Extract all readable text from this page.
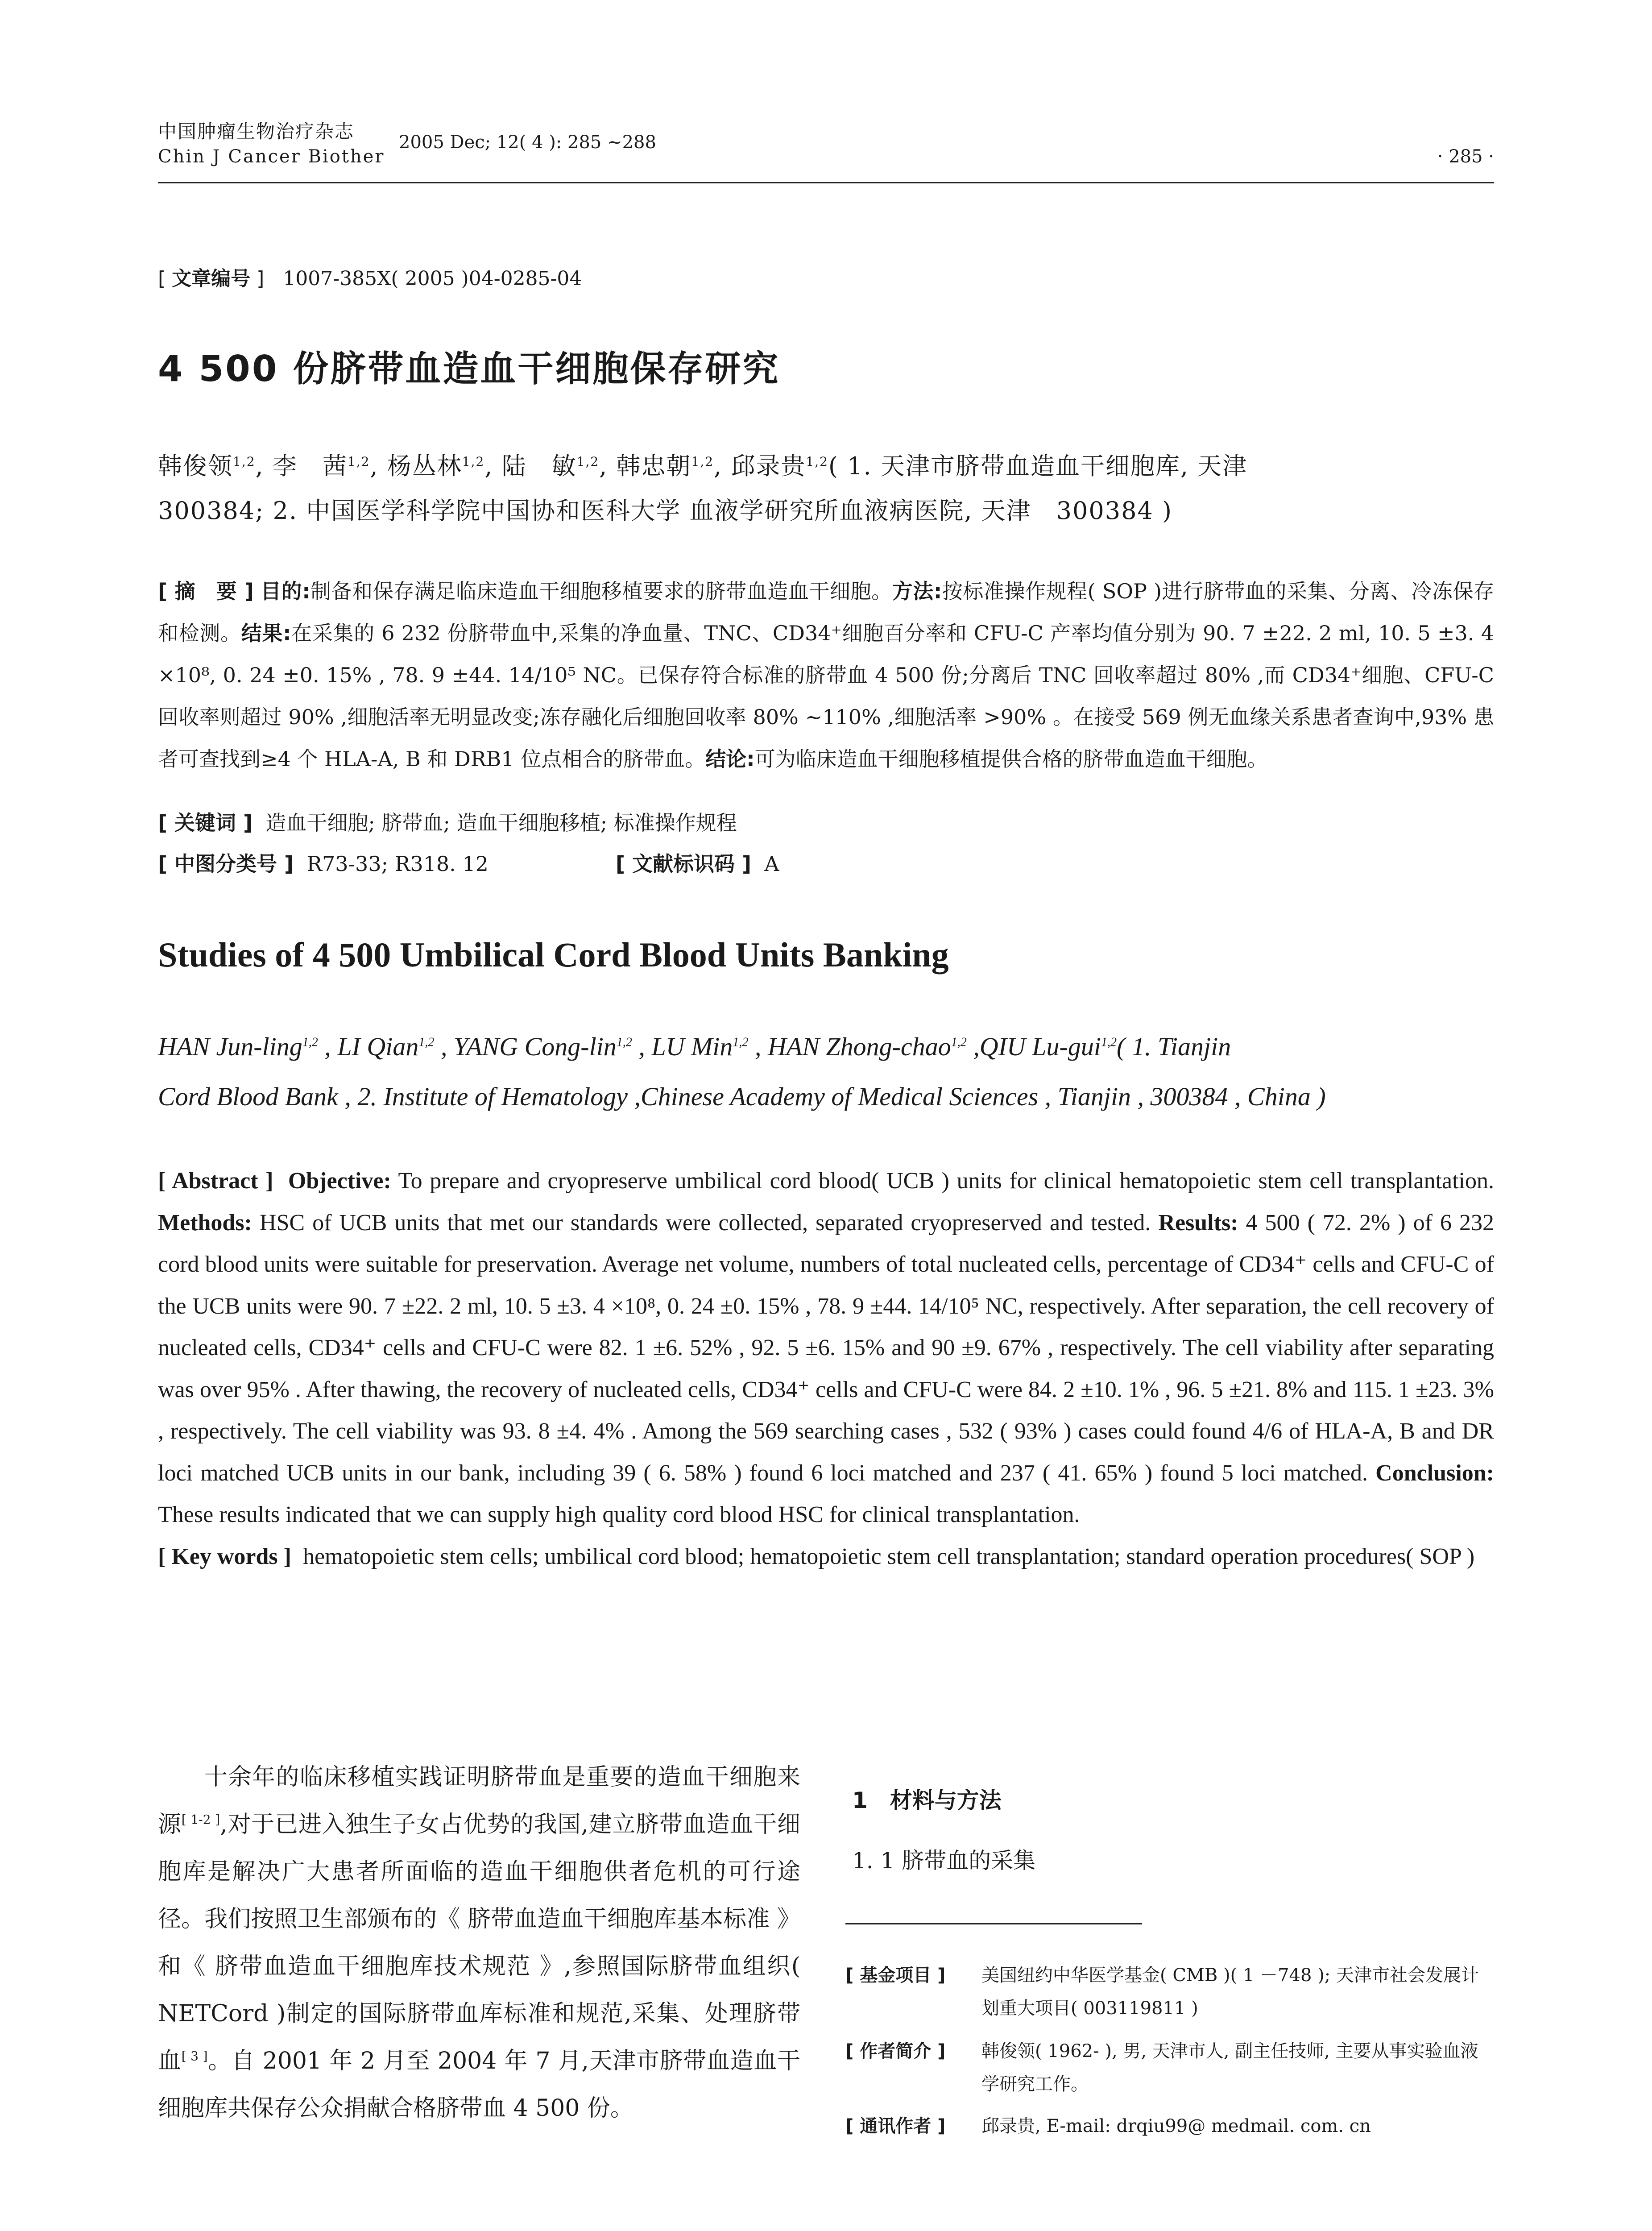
中国肿瘤生物治疗杂志
Chin J Cancer Biother
2005 Dec; 12( 4 ): 285 ~288
· 285 ·
[ 文章编号 ] 1007-385X( 2005 )04-0285-04
4 500 份脐带血造血干细胞保存研究
韩俊领$^{1,2}$, 李　茜$^{1,2}$, 杨丛林$^{1,2}$, 陆　敏$^{1,2}$, 韩忠朝$^{1,2}$, 邱录贵$^{1,2}$( 1. 天津市脐带血造血干细胞库, 天津
300384; 2. 中国医学科学院中国协和医科大学 血液学研究所血液病医院, 天津　300384 )
[ 摘　要 ] 目的:制备和保存满足临床造血干细胞移植要求的脐带血造血干细胞。方法:按标准操作规程( SOP )进行脐带血的采集、分离、冷冻保存和检测。结果:在采集的 6 232 份脐带血中,采集的净血量、TNC、CD34⁺细胞百分率和 CFU-C 产率均值分别为 90. 7 ±22. 2 ml, 10. 5 ±3. 4 ×10⁸, 0. 24 ±0. 15% , 78. 9 ±44. 14/10⁵ NC。已保存符合标准的脐带血 4 500 份;分离后 TNC 回收率超过 80% ,而 CD34⁺细胞、CFU-C 回收率则超过 90% ,细胞活率无明显改变;冻存融化后细胞回收率 80% ~110% ,细胞活率 >90% 。在接受 569 例无血缘关系患者查询中,93% 患者可查找到≥4 个 HLA-A, B 和 DRB1 位点相合的脐带血。结论:可为临床造血干细胞移植提供合格的脐带血造血干细胞。
[ 关键词 ] 造血干细胞; 脐带血; 造血干细胞移植; 标准操作规程
[ 中图分类号 ] R73-33; R318. 12	[ 文献标识码 ] A
Studies of 4 500 Umbilical Cord Blood Units Banking
HAN Jun-ling$^{1,2}$ , LI Qian$^{1,2}$ , YANG Cong-lin$^{1,2}$ , LU Min$^{1,2}$ , HAN Zhong-chao$^{1,2}$ ,QIU Lu-gui$^{1,2}$( 1. Tianjin
Cord Blood Bank , 2. Institute of Hematology ,Chinese Academy of Medical Sciences , Tianjin , 300384 , China )
[ Abstract ] Objective: To prepare and cryopreserve umbilical cord blood( UCB ) units for clinical hematopoietic stem cell transplantation. Methods: HSC of UCB units that met our standards were collected, separated cryopreserved and tested. Results: 4 500 ( 72. 2% ) of 6 232 cord blood units were suitable for preservation. Average net volume, numbers of total nucleated cells, percentage of CD34⁺ cells and CFU-C of the UCB units were 90. 7 ±22. 2 ml, 10. 5 ±3. 4 ×10⁸, 0. 24 ±0. 15% , 78. 9 ±44. 14/10⁵ NC, respectively. After separation, the cell recovery of nucleated cells, CD34⁺ cells and CFU-C were 82. 1 ±6. 52% , 92. 5 ±6. 15% and 90 ±9. 67% , respectively. The cell viability after separating was over 95% . After thawing, the recovery of nucleated cells, CD34⁺ cells and CFU-C were 84. 2 ±10. 1% , 96. 5 ±21. 8% and 115. 1 ±23. 3% , respectively. The cell viability was 93. 8 ±4. 4% . Among the 569 searching cases , 532 ( 93% ) cases could found 4/6 of HLA-A, B and DR loci matched UCB units in our bank, including 39 ( 6. 58% ) found 6 loci matched and 237 ( 41. 65% ) found 5 loci matched. Conclusion: These results indicated that we can supply high quality cord blood HSC for clinical transplantation.
[ Key words ] hematopoietic stem cells; umbilical cord blood; hematopoietic stem cell transplantation; standard operation procedures( SOP )
十余年的临床移植实践证明脐带血是重要的造血干细胞来源[ 1-2 ],对于已进入独生子女占优势的我国,建立脐带血造血干细胞库是解决广大患者所面临的造血干细胞供者危机的可行途径。我们按照卫生部颁布的《 脐带血造血干细胞库基本标准 》和《 脐带血造血干细胞库技术规范 》,参照国际脐带血组织( NETCord )制定的国际脐带血库标准和规范,采集、处理脐带血[ 3 ]。自 2001 年 2 月至 2004 年 7 月,天津市脐带血造血干细胞库共保存公众捐献合格脐带血 4 500 份。
1　材料与方法
1. 1 脐带血的采集
[ 基金项目 ] 美国纽约中华医学基金( CMB )( 1 －748 ); 天津市社会发展计划重大项目( 003119811 )
[ 作者简介 ] 韩俊领( 1962- ), 男, 天津市人, 副主任技师, 主要从事实验血液学研究工作。
[ 通讯作者 ] 邱录贵, E-mail: drqiu99@ medmail. com. cn
